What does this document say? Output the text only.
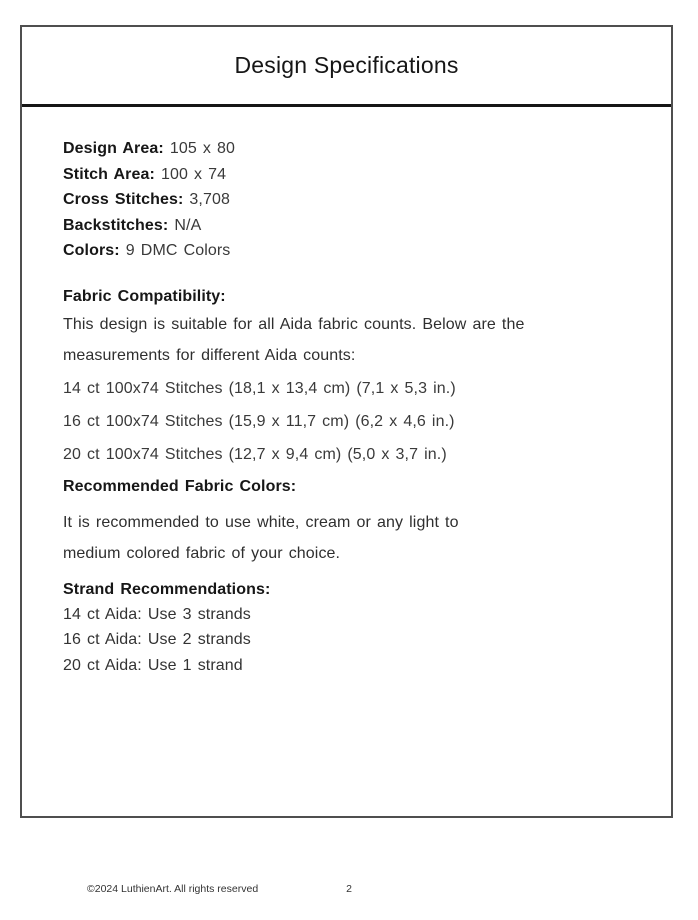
Design Specifications
Design Area: 105 x 80
Stitch Area: 100 x 74
Cross Stitches: 3,708
Backstitches: N/A
Colors: 9 DMC Colors
Fabric Compatibility:
This design is suitable for all Aida fabric counts. Below are the
measurements for different Aida counts:
14 ct 100x74 Stitches (18,1 x 13,4 cm) (7,1 x 5,3 in.)
16 ct 100x74 Stitches (15,9 x 11,7 cm) (6,2 x 4,6 in.)
20 ct 100x74 Stitches (12,7 x 9,4 cm) (5,0 x 3,7 in.)
Recommended Fabric Colors:
It is recommended to use white, cream or any light to
medium colored fabric of your choice.
Strand Recommendations:
14 ct Aida: Use 3 strands
16 ct Aida: Use 2 strands
20 ct Aida: Use 1 strand
©2024 LuthienArt. All rights reserved	2
